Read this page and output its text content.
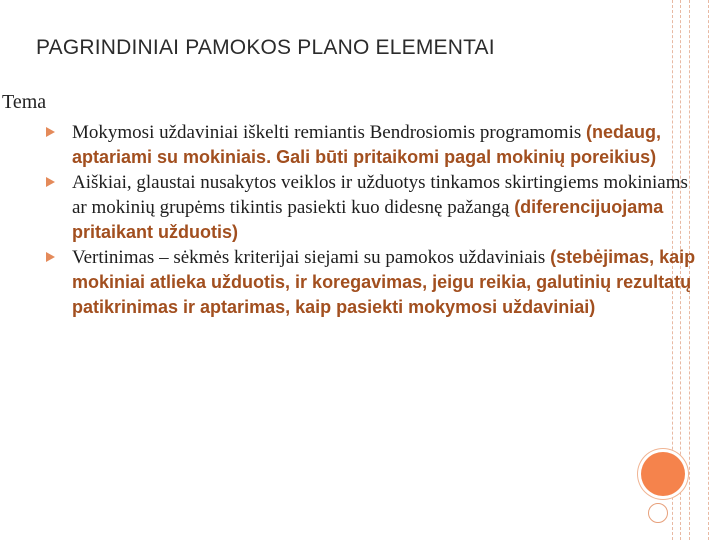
PAGRINDINIAI PAMOKOS PLANO ELEMENTAI
Tema
Mokymosi uždaviniai iškelti remiantis Bendrosiomis programomis (nedaug, aptariami su mokiniais. Gali būti pritaikomi pagal mokinių poreikius)
Aiškiai, glaustai nusakytos veiklos ir užduotys tinkamos skirtingiems mokiniams ar mokinių grupėms tikintis pasiekti kuo didesnę pažangą (diferencijuojama pritaikant užduotis)
Vertinimas – sėkmės kriterijai siejami su pamokos uždaviniais (stebėjimas, kaip mokiniai atlieka užduotis, ir koregavimas, jeigu reikia, galutinių rezultatų patikrinimas ir aptarimas, kaip pasiekti mokymosi uždaviniai)
